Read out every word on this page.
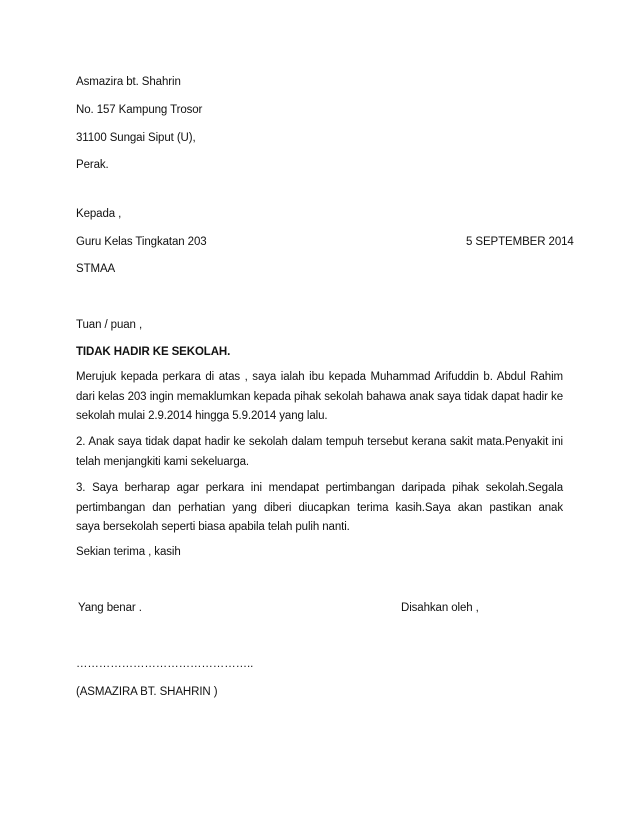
Asmazira bt. Shahrin
No. 157 Kampung Trosor
31100 Sungai Siput (U),
Perak.
Kepada ,
Guru Kelas Tingkatan 203	5 SEPTEMBER 2014
STMAA
Tuan / puan ,
TIDAK HADIR KE SEKOLAH.
Merujuk kepada perkara di atas , saya ialah ibu kepada Muhammad Arifuddin b. Abdul Rahim
dari kelas 203 ingin memaklumkan kepada pihak sekolah bahawa anak saya tidak dapat hadir ke
sekolah mulai 2.9.2014 hingga 5.9.2014 yang lalu.
2. Anak saya tidak dapat hadir ke sekolah dalam tempuh tersebut kerana sakit mata.Penyakit ini
telah menjangkiti kami sekeluarga.
3. Saya berharap agar perkara ini mendapat pertimbangan daripada pihak sekolah.Segala
pertimbangan dan perhatian yang diberi diucapkan terima kasih.Saya akan pastikan anak
saya bersekolah seperti biasa apabila telah pulih nanti.
Sekian terima , kasih
Yang benar .	Disahkan oleh ,
………………………………………..
(ASMAZIRA BT. SHAHRIN )
